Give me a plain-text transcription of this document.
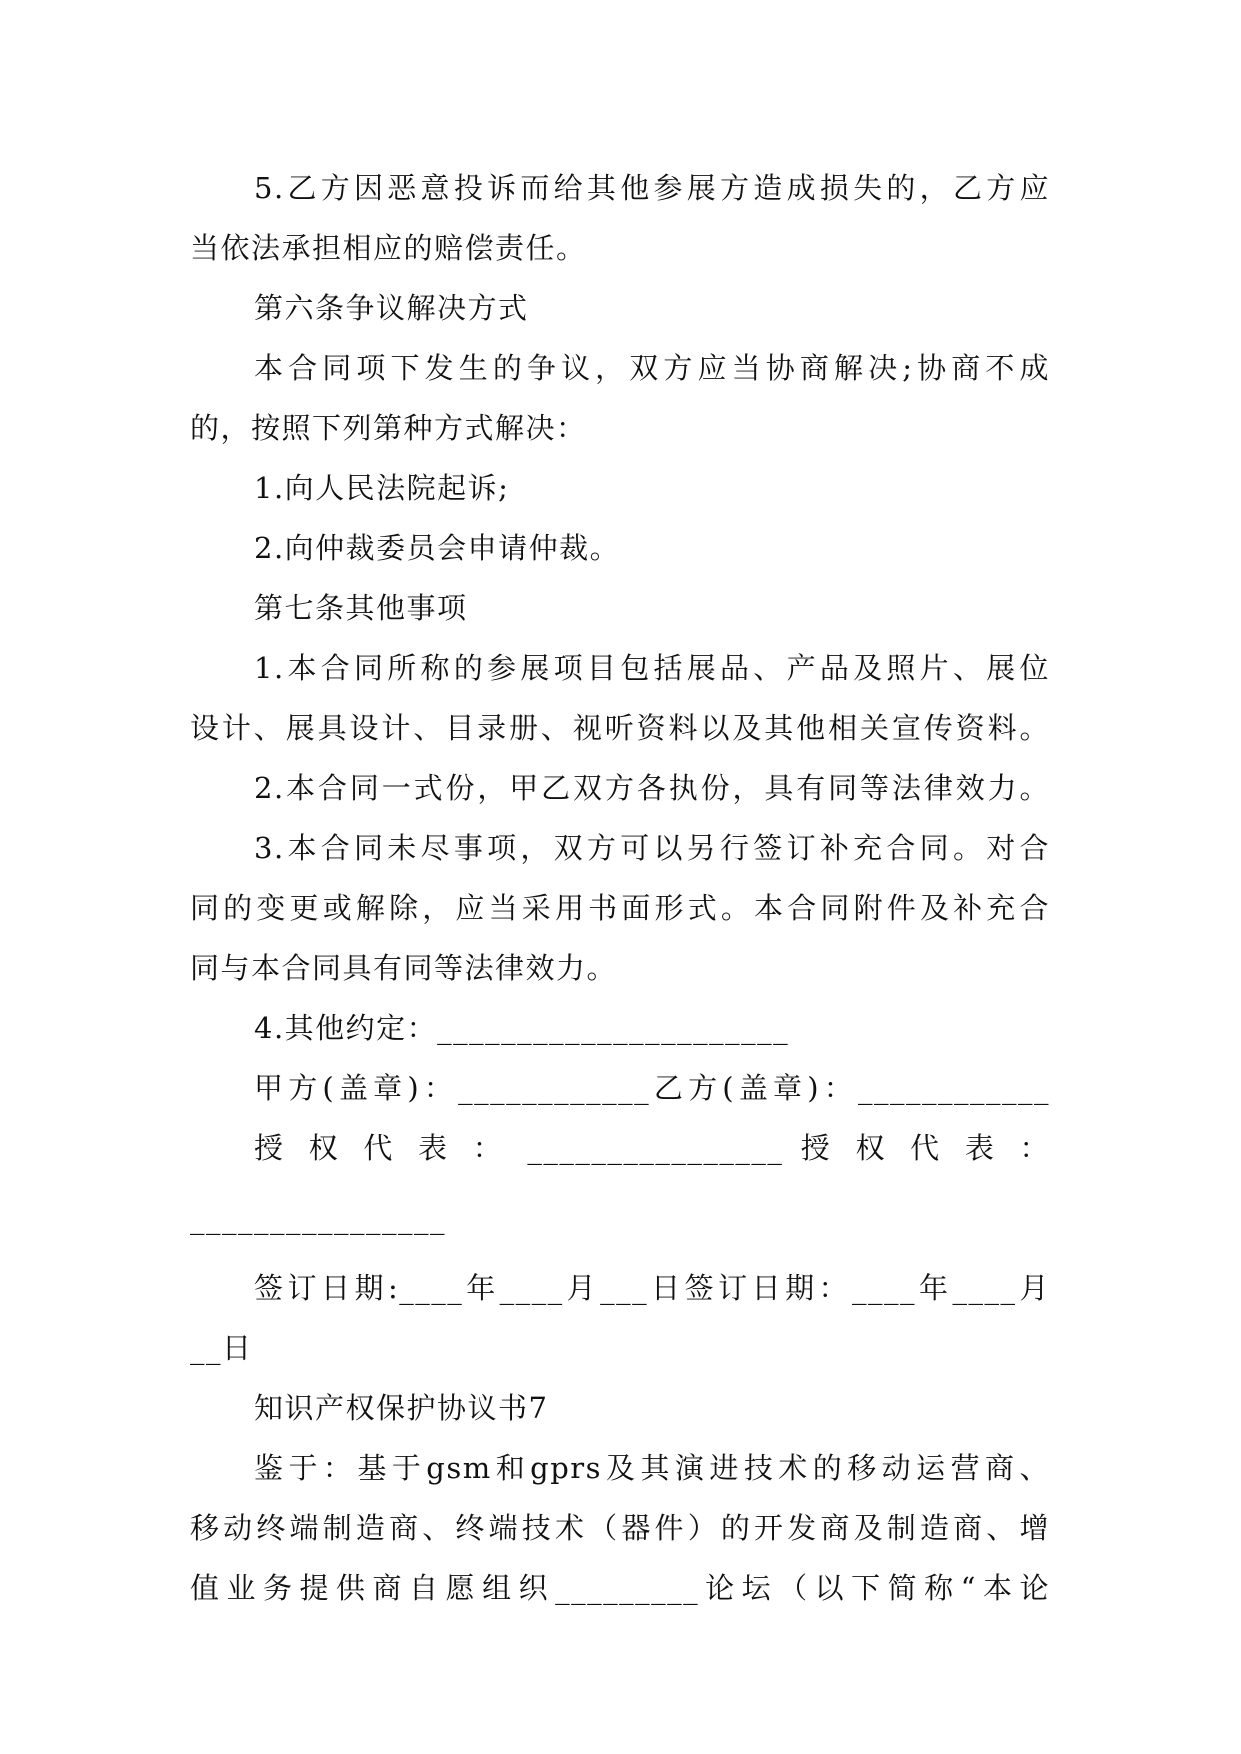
5.乙方因恶意投诉而给其他参展方造成损失的，乙方应
当依法承担相应的赔偿责任。
第六条争议解决方式
本合同项下发生的争议，双方应当协商解决;协商不成
的，按照下列第种方式解决：
1.向人民法院起诉;
2.向仲裁委员会申请仲裁。
第七条其他事项
1.本合同所称的参展项目包括展品、产品及照片、展位
设计、展具设计、目录册、视听资料以及其他相关宣传资料。
2.本合同一式份，甲乙双方各执份，具有同等法律效力。
3.本合同未尽事项，双方可以另行签订补充合同。对合
同的变更或解除，应当采用书面形式。本合同附件及补充合
同与本合同具有同等法律效力。
4.其他约定：______________________
甲方(盖章)：____________乙方(盖章)：____________
授 权 代 表 ： ________________ 授 权 代 表 ：
________________
签订日期:____年____月___日签订日期：____年____月
__日
知识产权保护协议书7
鉴于：基于gsm和gprs及其演进技术的移动运营商、
移动终端制造商、终端技术（器件）的开发商及制造商、增
值业务提供商自愿组织_________论坛（以下简称“本论
